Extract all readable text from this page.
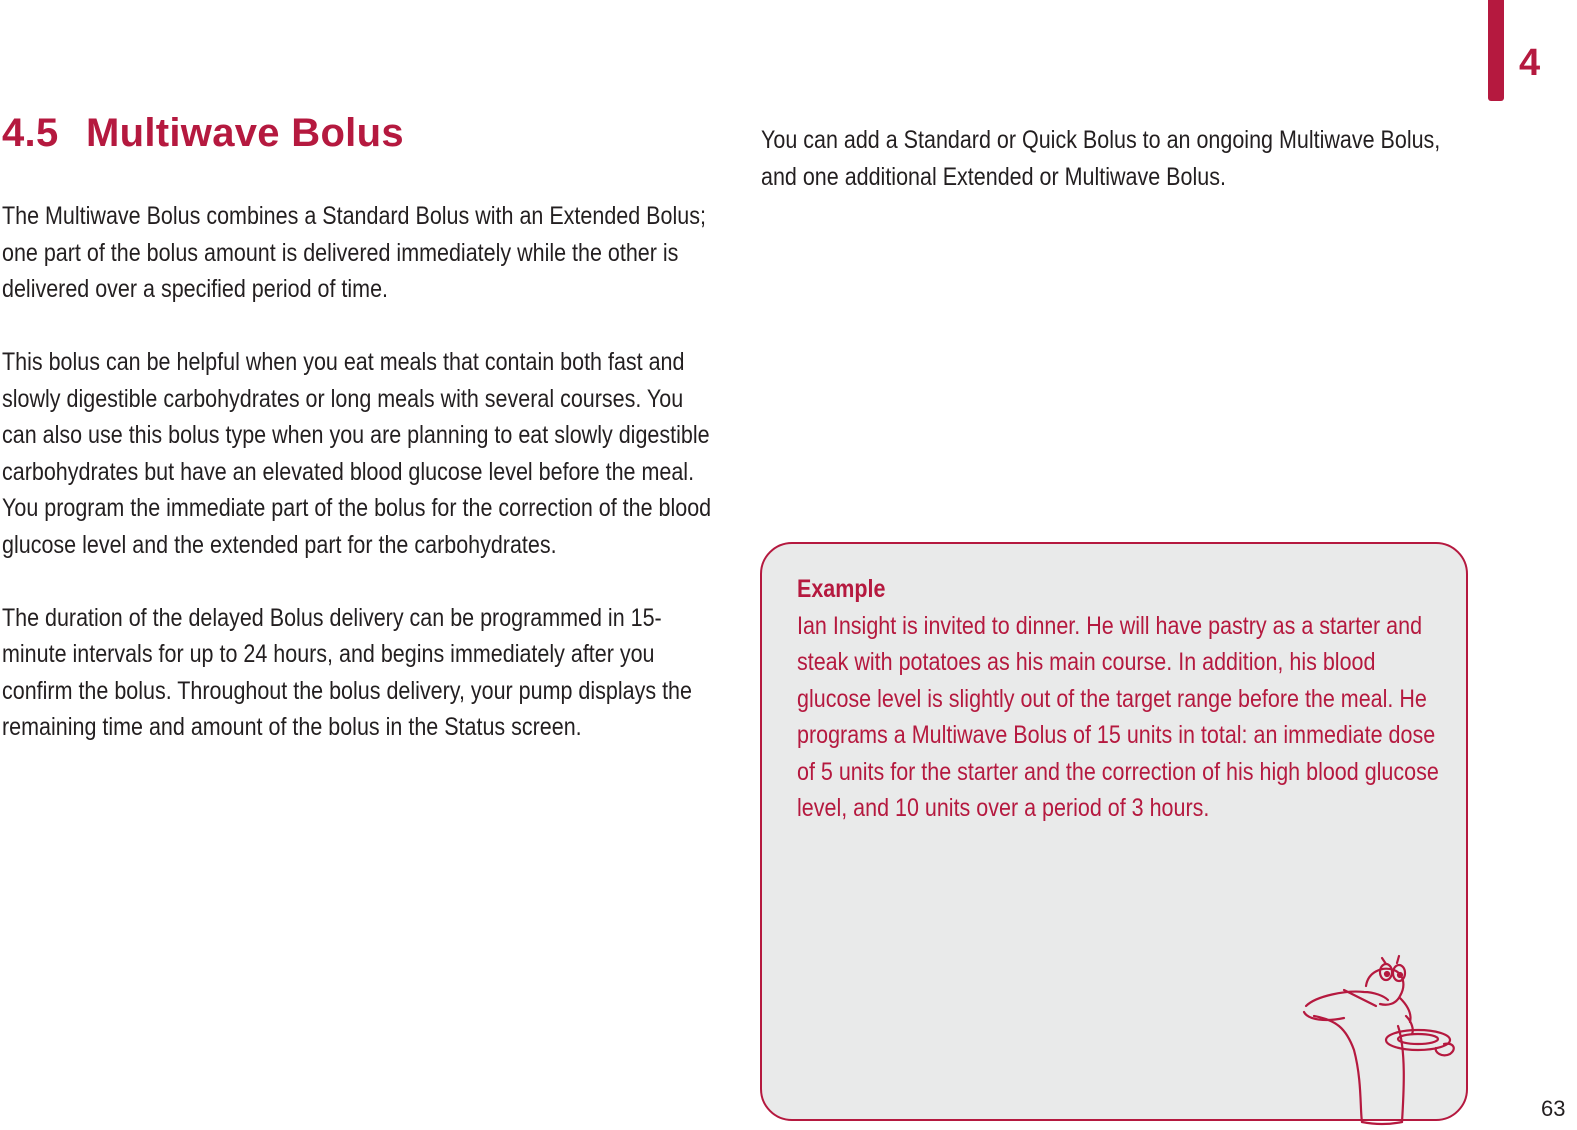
4
4.5 Multiwave Bolus

The Multiwave Bolus combines a Standard Bolus with an Extended Bolus; one part of the bolus amount is delivered immediately while the other is delivered over a specified period of time.

This bolus can be helpful when you eat meals that contain both fast and slowly digestible carbohydrates or long meals with several courses. You can also use this bolus type when you are planning to eat slowly digestible carbohydrates but have an elevated blood glucose level before the meal. You program the immediate part of the bolus for the correction of the blood glucose level and the extended part for the carbohydrates.

The duration of the delayed Bolus delivery can be programmed in 15-minute intervals for up to 24 hours, and begins immediately after you confirm the bolus. Throughout the bolus delivery, your pump displays the remaining time and amount of the bolus in the Status screen.

You can add a Standard or Quick Bolus to an ongoing Multiwave Bolus, and one additional Extended or Multiwave Bolus.

Example

Ian Insight is invited to dinner. He will have pastry as a starter and steak with potatoes as his main course. In addition, his blood glucose level is slightly out of the target range before the meal. He programs a Multiwave Bolus of 15 units in total: an immediate dose of 5 units for the starter and the correction of his high blood glucose level, and 10 units over a period of 3 hours.

63
